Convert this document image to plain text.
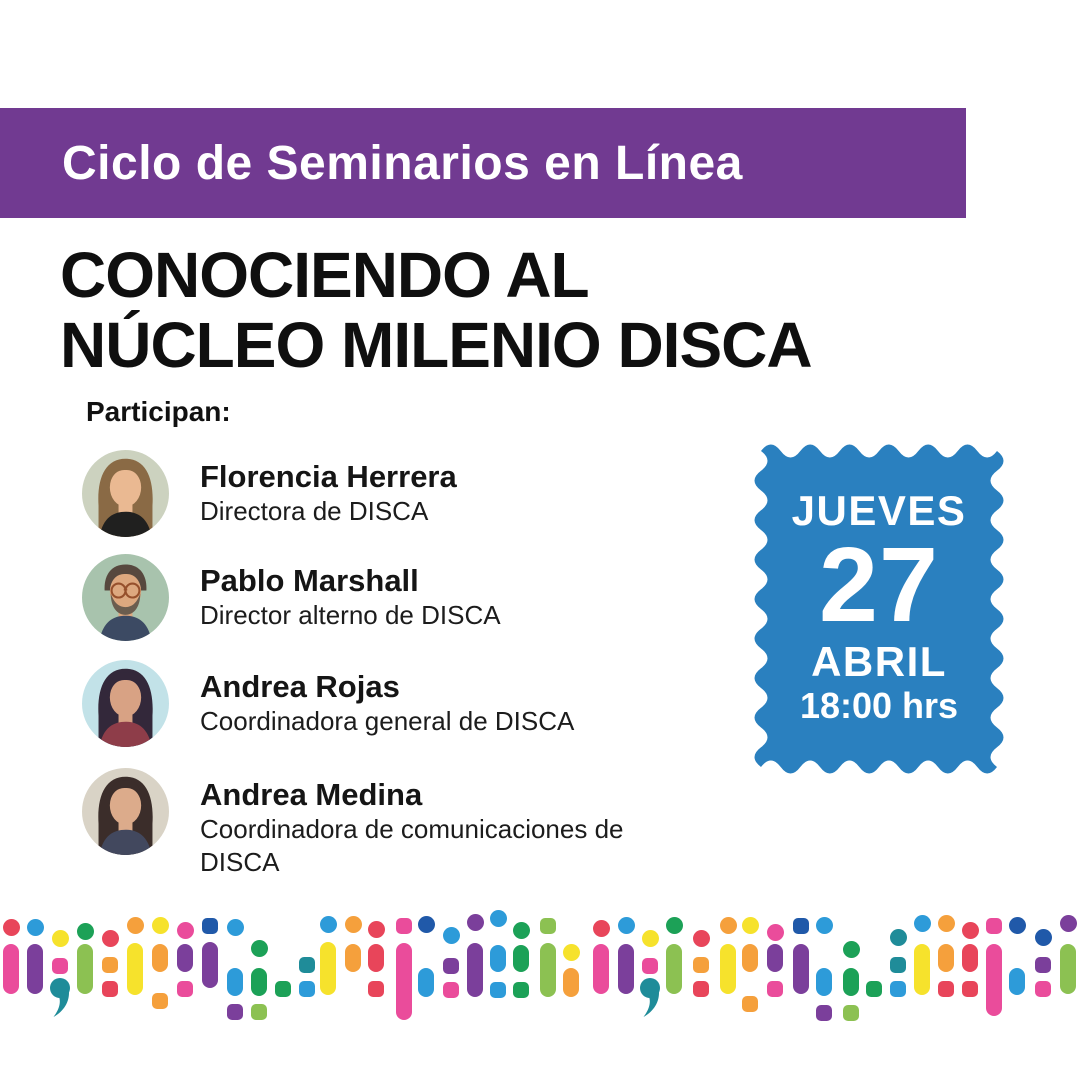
Ciclo de Seminarios en Línea
CONOCIENDO AL
NÚCLEO MILENIO DISCA
Participan:
Florencia Herrera
Directora de DISCA
Pablo Marshall
Director alterno de DISCA
Andrea Rojas
Coordinadora general de DISCA
Andrea Medina
Coordinadora de comunicaciones de DISCA
JUEVES
27
ABRIL
18:00 hrs
